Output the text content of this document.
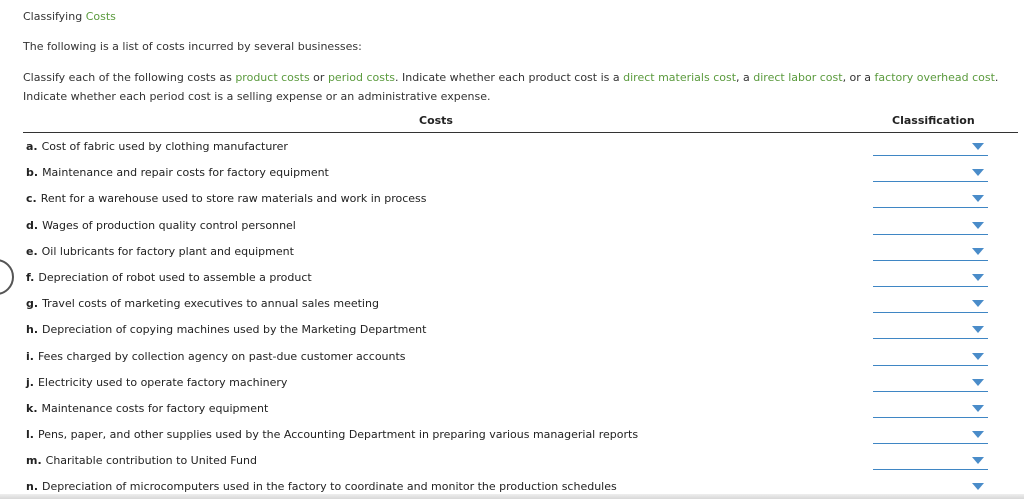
Classifying Costs
The following is a list of costs incurred by several businesses:
Classify each of the following costs as product costs or period costs. Indicate whether each product cost is a direct materials cost, a direct labor cost, or a factory overhead cost. Indicate whether each period cost is a selling expense or an administrative expense.
Costs	Classification
a. Cost of fabric used by clothing manufacturer
b. Maintenance and repair costs for factory equipment
c. Rent for a warehouse used to store raw materials and work in process
d. Wages of production quality control personnel
e. Oil lubricants for factory plant and equipment
f. Depreciation of robot used to assemble a product
g. Travel costs of marketing executives to annual sales meeting
h. Depreciation of copying machines used by the Marketing Department
i. Fees charged by collection agency on past-due customer accounts
j. Electricity used to operate factory machinery
k. Maintenance costs for factory equipment
l. Pens, paper, and other supplies used by the Accounting Department in preparing various managerial reports
m. Charitable contribution to United Fund
n. Depreciation of microcomputers used in the factory to coordinate and monitor the production schedules
